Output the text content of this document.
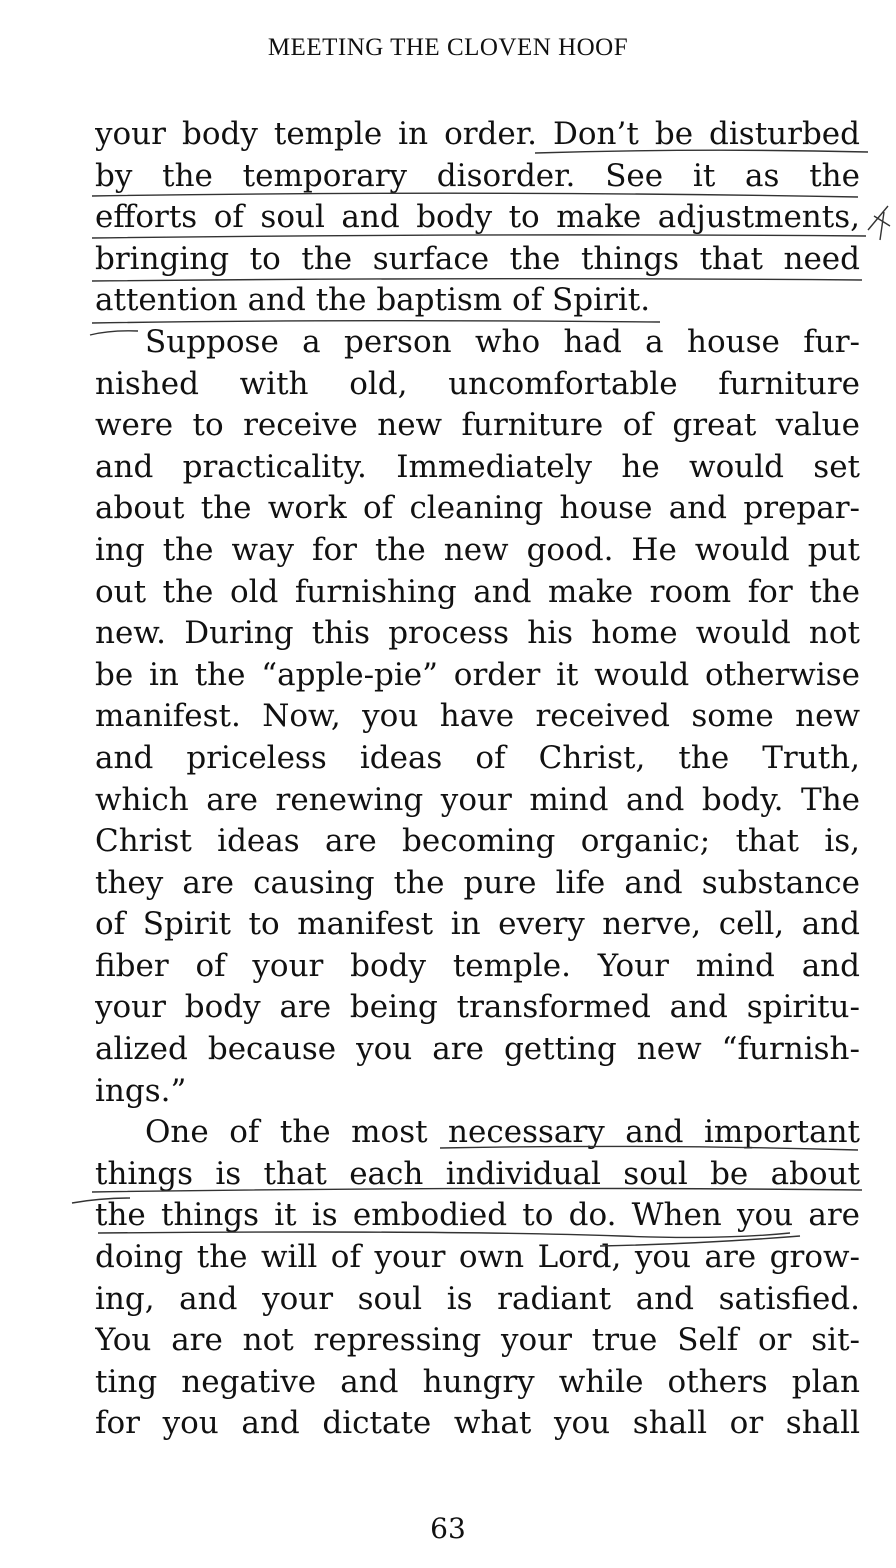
MEETING THE CLOVEN HOOF
your body temple in order. Don’t be disturbed
by the temporary disorder. See it as the
efforts of soul and body to make adjustments,
bringing to the surface the things that need
attention and the baptism of Spirit.
Suppose a person who had a house fur-
nished with old, uncomfortable furniture
were to receive new furniture of great value
and practicality. Immediately he would set
about the work of cleaning house and prepar-
ing the way for the new good. He would put
out the old furnishing and make room for the
new. During this process his home would not
be in the “apple-pie” order it would otherwise
manifest. Now, you have received some new
and priceless ideas of Christ, the Truth,
which are renewing your mind and body. The
Christ ideas are becoming organic; that is,
they are causing the pure life and substance
of Spirit to manifest in every nerve, cell, and
fiber of your body temple. Your mind and
your body are being transformed and spiritu-
alized because you are getting new “furnish-
ings.”
One of the most necessary and important
things is that each individual soul be about
the things it is embodied to do. When you are
doing the will of your own Lord, you are grow-
ing, and your soul is radiant and satisfied.
You are not repressing your true Self or sit-
ting negative and hungry while others plan
for you and dictate what you shall or shall
63
